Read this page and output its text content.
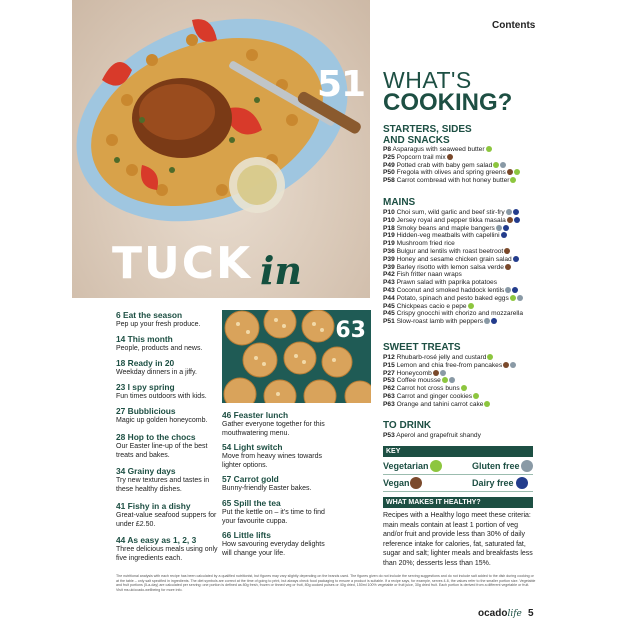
51
TUCK in
Contents
WHAT'S
COOKING?
STARTERS, SIDES
AND SNACKS
P8 Asparagus with seaweed butter
P25 Popcorn trail mix
P49 Potted crab with baby gem salad
P50 Fregola with olives and spring greens
P58 Carrot cornbread with hot honey butter
MAINS
P10 Choi sum, wild garlic and beef stir-fry
P10 Jersey royal and pepper tikka masala
P18 Smoky beans and maple bangers
P19 Hidden-veg meatballs with capellini
P19 Mushroom fried rice
P36 Bulgur and lentils with roast beetroot
P39 Honey and sesame chicken grain salad
P39 Barley risotto with lemon salsa verde
P42 Fish fritter naan wraps
P43 Prawn salad with paprika potatoes
P43 Coconut and smoked haddock lentils
P44 Potato, spinach and pesto baked eggs
P45 Chickpeas cacio e pepe
P45 Crispy gnocchi with chorizo and mozzarella
P51 Slow-roast lamb with peppers
SWEET TREATS
P12 Rhubarb-rosé jelly and custard
P15 Lemon and chia free-from pancakes
P27 Honeycomb
P53 Coffee mousse
P62 Carrot hot cross buns
P63 Carrot and ginger cookies
P63 Orange and tahini carrot cake
TO DRINK
P53 Aperol and grapefruit shandy
KEY
Vegetarian	Gluten free
Vegan	Dairy free
WHAT MAKES IT HEALTHY?
Recipes with a Healthy logo meet these criteria: main meals contain at least 1 portion of veg and/or fruit and provide less than 30% of daily reference intake for calories, fat, saturated fat, sugar and salt; lighter meals and breakfasts less than 20%; desserts less than 15%.
6 Eat the season
Pep up your fresh produce.
14 This month
People, products and news.
18 Ready in 20
Weekday dinners in a jiffy.
23 I spy spring
Fun times outdoors with kids.
27 Bubblicious
Magic up golden honeycomb.
28 Hop to the chocs
Our Easter line-up of the best treats and bakes.
34 Grainy days
Try new textures and tastes in these healthy dishes.
41 Fishy in a dishy
Great-value seafood suppers for under £2.50.
44 As easy as 1, 2, 3
Three delicious meals using only five ingredients each.
46 Feaster lunch
Gather everyone together for this mouthwatering menu.
54 Light switch
Move from heavy wines towards lighter options.
57 Carrot gold
Bunny-friendly Easter bakes.
65 Spill the tea
Put the kettle on – it's time to find your favourite cuppa.
66 Little lifts
How savouring everyday delights will change your life.
63
The nutritional analysis with each recipe has been calculated by a qualified nutritionist, but figures may vary slightly depending on the brands used. The figures given do not include the serving suggestions and do not include salt added to the dish during cooking or at the table – only salt specified in ingredients. The diet symbols are correct at the time of going to print, but always check food packaging to ensure a product is suitable. If a recipe says, for example, serves 4-6, the values refer to the smaller portion size. Vegetable and fruit portions (5-a-day) are calculated per serving: one portion is defined as 80g fresh, frozen or tinned veg or fruit, 80g cooked pulses or 40g dried, 150ml 100% vegetable or fruit juice, 30g dried fruit. Each portion is derived from a different vegetable or fruit. Visit ms.uk/ocado-wellbeing for more info.
ocadolife 5
